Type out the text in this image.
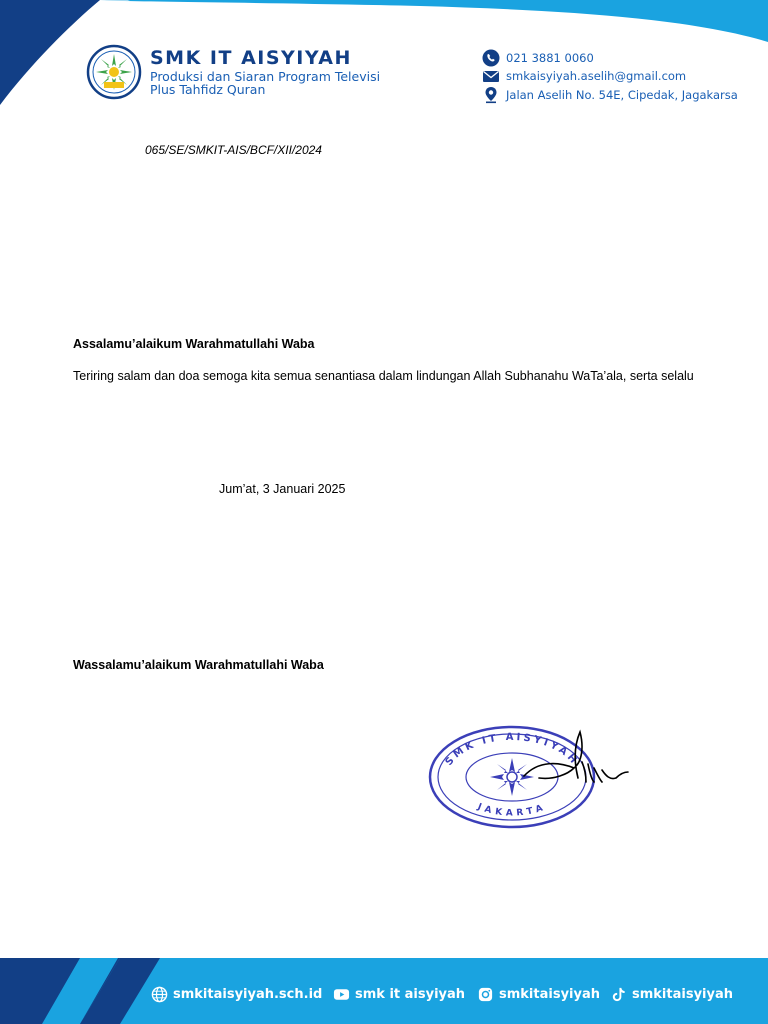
SMK IT AISYIYAH
Produksi dan Siaran Program Televisi
Plus Tahfidz Quran
021 3881 0060
smkaisyiyah.aselih@gmail.com
Jalan Aselih No. 54E, Cipedak, Jagakarsa
065/SE/SMKIT-AIS/BCF/XII/2024
Assalamu’alaikum Warahmatullahi Waba
Teriring salam dan doa semoga kita semua senantiasa dalam lindungan Allah Subhanahu WaTa’ala, serta selalu
Jum’at, 3 Januari 2025
Wassalamu’alaikum Warahmatullahi Waba
SMK IT AISYIYAH
JAKARTA
smkitaisyiyah.sch.id	smk it aisyiyah	smkitaisyiyah smkitaisyiyah
